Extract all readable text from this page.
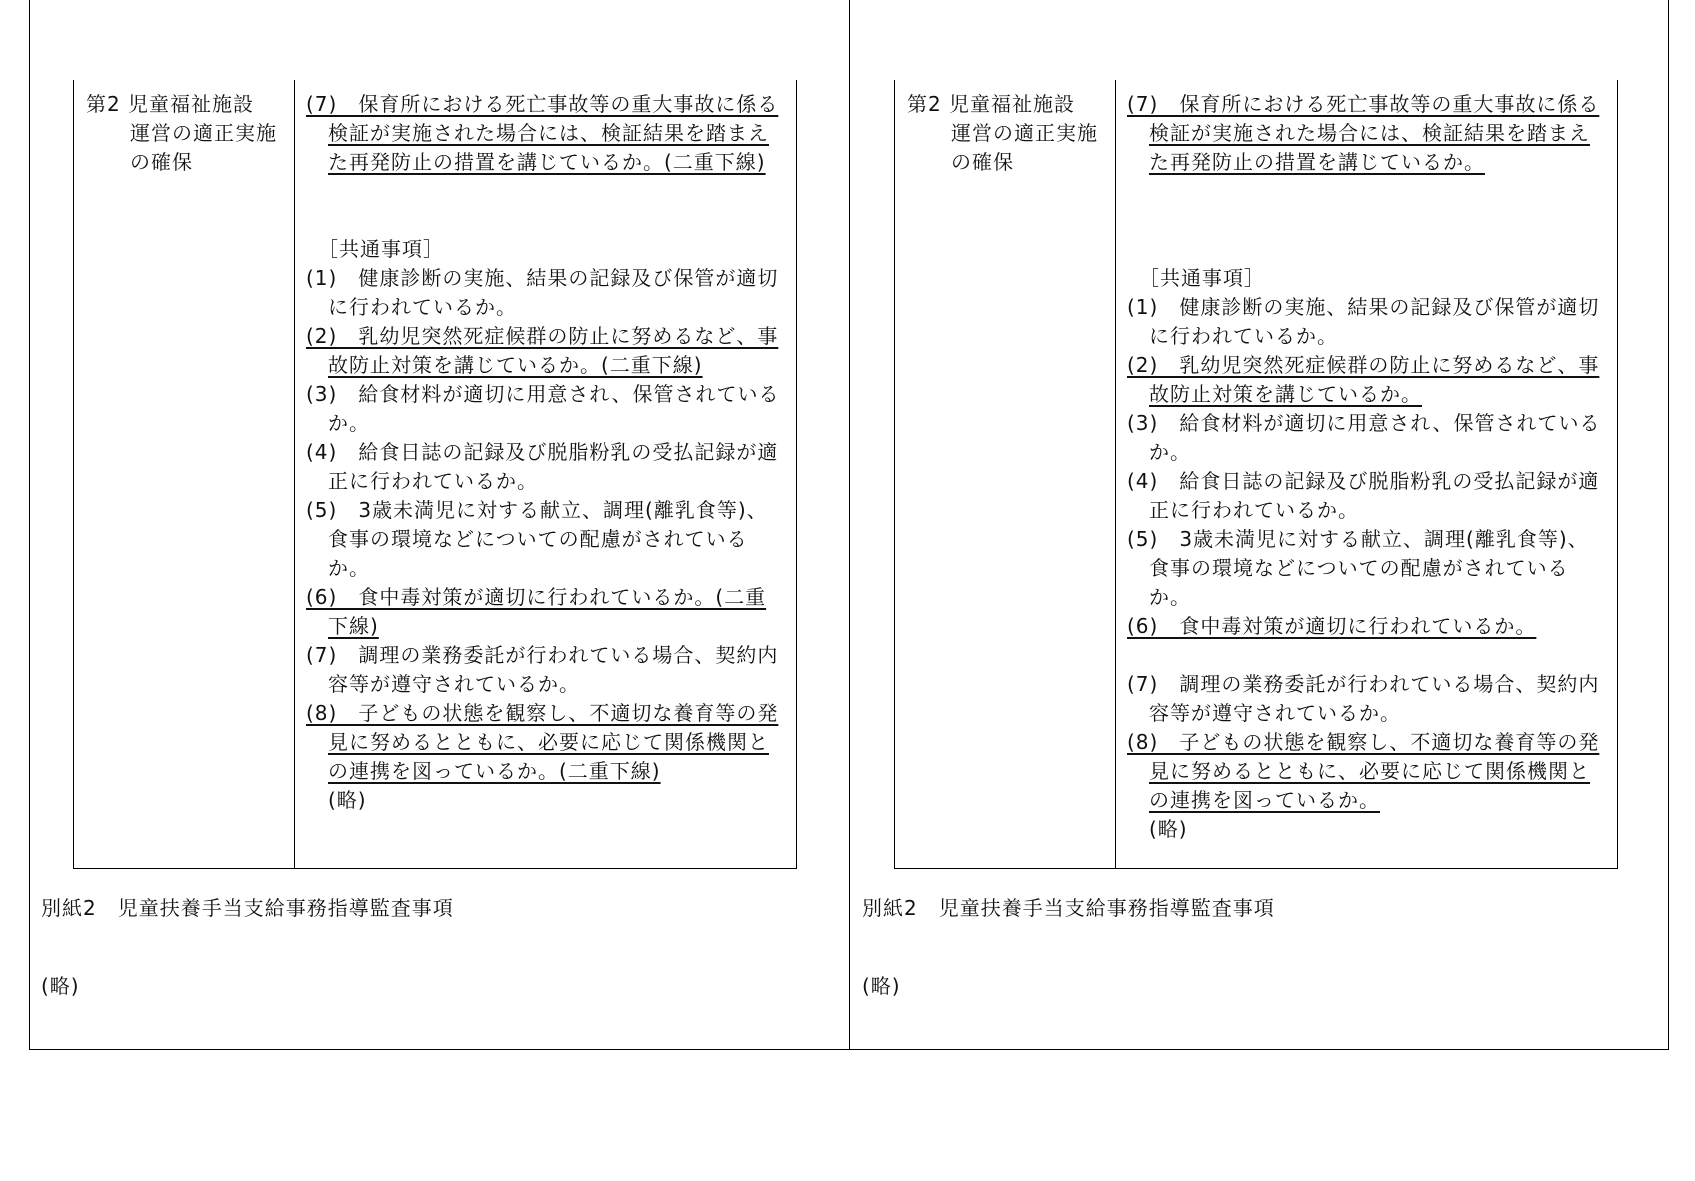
第2 児童福祉施設
運営の適正実施
の確保
(7)　保育所における死亡事故等の重大事故に係る検証が実施された場合には、検証結果を踏まえた再発防止の措置を講じているか。(二重下線)
［共通事項］
(1)　健康診断の実施、結果の記録及び保管が適切に行われているか。
(2)　乳幼児突然死症候群の防止に努めるなど、事故防止対策を講じているか。(二重下線)
(3)　給食材料が適切に用意され、保管されているか。
(4)　給食日誌の記録及び脱脂粉乳の受払記録が適正に行われているか。
(5)　3歳未満児に対する献立、調理(離乳食等)、食事の環境などについての配慮がされているか。
(6)　食中毒対策が適切に行われているか。(二重下線)
(7)　調理の業務委託が行われている場合、契約内容等が遵守されているか。
(8)　子どもの状態を観察し、不適切な養育等の発見に努めるとともに、必要に応じて関係機関との連携を図っているか。(二重下線)
(略)
別紙2　児童扶養手当支給事務指導監査事項
(略)
第2 児童福祉施設
運営の適正実施
の確保
(7)　保育所における死亡事故等の重大事故に係る検証が実施された場合には、検証結果を踏まえた再発防止の措置を講じているか。
［共通事項］
(1)　健康診断の実施、結果の記録及び保管が適切に行われているか。
(2)　乳幼児突然死症候群の防止に努めるなど、事故防止対策を講じているか。
(3)　給食材料が適切に用意され、保管されているか。
(4)　給食日誌の記録及び脱脂粉乳の受払記録が適正に行われているか。
(5)　3歳未満児に対する献立、調理(離乳食等)、食事の環境などについての配慮がされているか。
(6)　食中毒対策が適切に行われているか。
(7)　調理の業務委託が行われている場合、契約内容等が遵守されているか。
(8)　子どもの状態を観察し、不適切な養育等の発見に努めるとともに、必要に応じて関係機関との連携を図っているか。
(略)
別紙2　児童扶養手当支給事務指導監査事項
(略)
